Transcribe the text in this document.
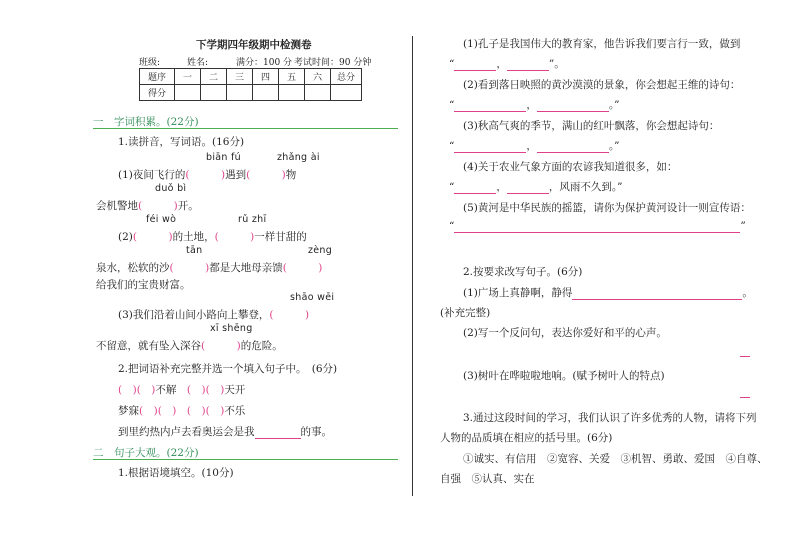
下学期四年级期中检测卷
班级:	姓名:	满分：100 分 考试时间：90 分钟
题序	一	二	三	四	五	六	总分
得分							
一　字词积累。(22分)
1.读拼音，写词语。(16分)
biān fú	zhǎng ài
(1)夜间飞行的(　　　)遇到(　　　)物
duǒ bì
会机警地(　　　)开。
féi wò	rǔ zhī
(2)(　　　)的土地，(　　　)一样甘甜的
tān	zèng
泉水，松软的沙(　　　)都是大地母亲馈(　　　)
给我们的宝贵财富。
shāo wēi
(3)我们沿着山间小路向上攀登，(　　　)
xī shēng
不留意，就有坠入深谷(　　　)的危险。
2.把词语补充完整并选一个填入句子中。　(6分)
(　)(　)不解　 (　)(　)天开
梦寐(　)(　)　 (　)(　)不乐
到里约热内卢去看奥运会是我	的事。
二　句子大观。(22分)
1.根据语境填空。(10分)
(1)孔子是我国伟大的教育家，他告诉我们要言行一致，做到
“	，	”。
(2)看到落日映照的黄沙漠漠的景象，你会想起王维的诗句：
“	，	。”
(3)秋高气爽的季节，满山的红叶飘落，你会想起诗句：
“	，	。”
(4)关于农业气象方面的农谚我知道很多，如：
“	，	，风雨不久到。”
(5)黄河是中华民族的摇篮，请你为保护黄河设计一则宣传语：
“	”
2.按要求改写句子。(6分)
(1)广场上真静啊，静得	。
(补充完整)
(2)写一个反问句，表达你爱好和平的心声。
(3)树叶在哗啦啦地响。(赋予树叶人的特点)
3.通过这段时间的学习，我们认识了许多优秀的人物，请将下列
人物的品质填在相应的括号里。(6分)
①诚实、有信用　②宽容、关爱　③机智、勇敢、爱国　④自尊、
自强　⑤认真、实在
